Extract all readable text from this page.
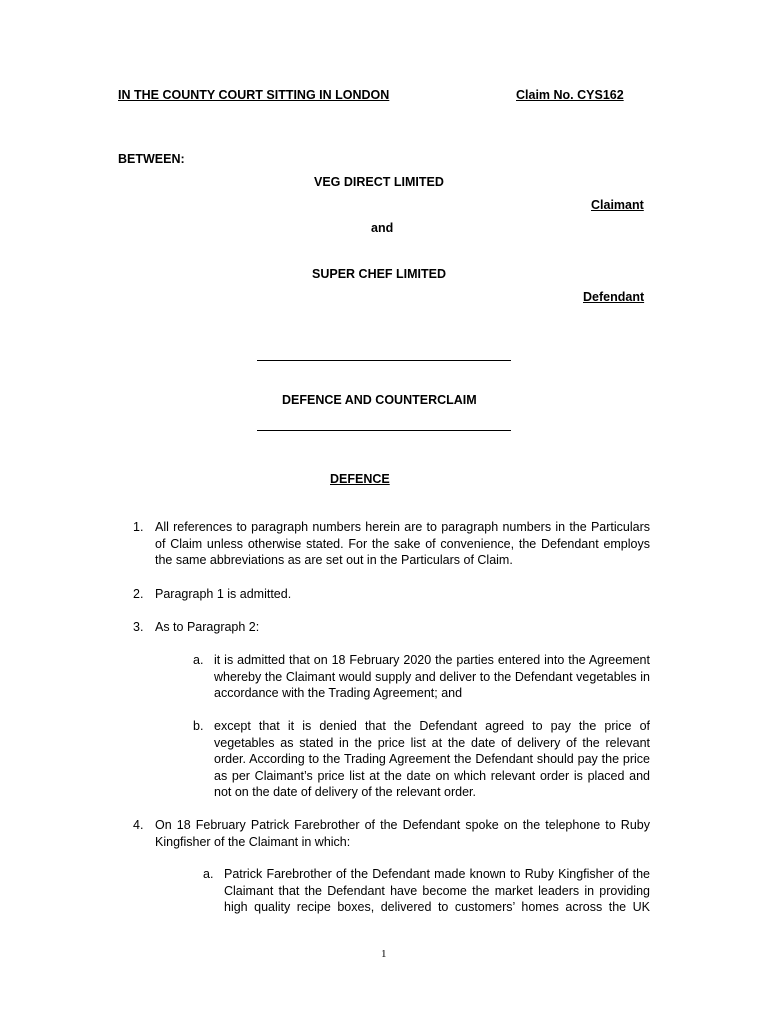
IN THE COUNTY COURT SITTING IN LONDON	Claim No. CYS162
BETWEEN:
VEG DIRECT LIMITED
Claimant
and
SUPER CHEF LIMITED
Defendant
DEFENCE AND COUNTERCLAIM
DEFENCE
1. All references to paragraph numbers herein are to paragraph numbers in the Particulars of Claim unless otherwise stated. For the sake of convenience, the Defendant employs the same abbreviations as are set out in the Particulars of Claim.
2. Paragraph 1 is admitted.
3. As to Paragraph 2:
a. it is admitted that on 18 February 2020 the parties entered into the Agreement whereby the Claimant would supply and deliver to the Defendant vegetables in accordance with the Trading Agreement; and
b. except that it is denied that the Defendant agreed to pay the price of vegetables as stated in the price list at the date of delivery of the relevant order. According to the Trading Agreement the Defendant should pay the price as per Claimant’s price list at the date on which relevant order is placed and not on the date of delivery of the relevant order.
4. On 18 February Patrick Farebrother of the Defendant spoke on the telephone to Ruby Kingfisher of the Claimant in which:
a. Patrick Farebrother of the Defendant made known to Ruby Kingfisher of the Claimant that the Defendant have become the market leaders in providing high quality recipe boxes, delivered to customers’ homes across the UK
1
